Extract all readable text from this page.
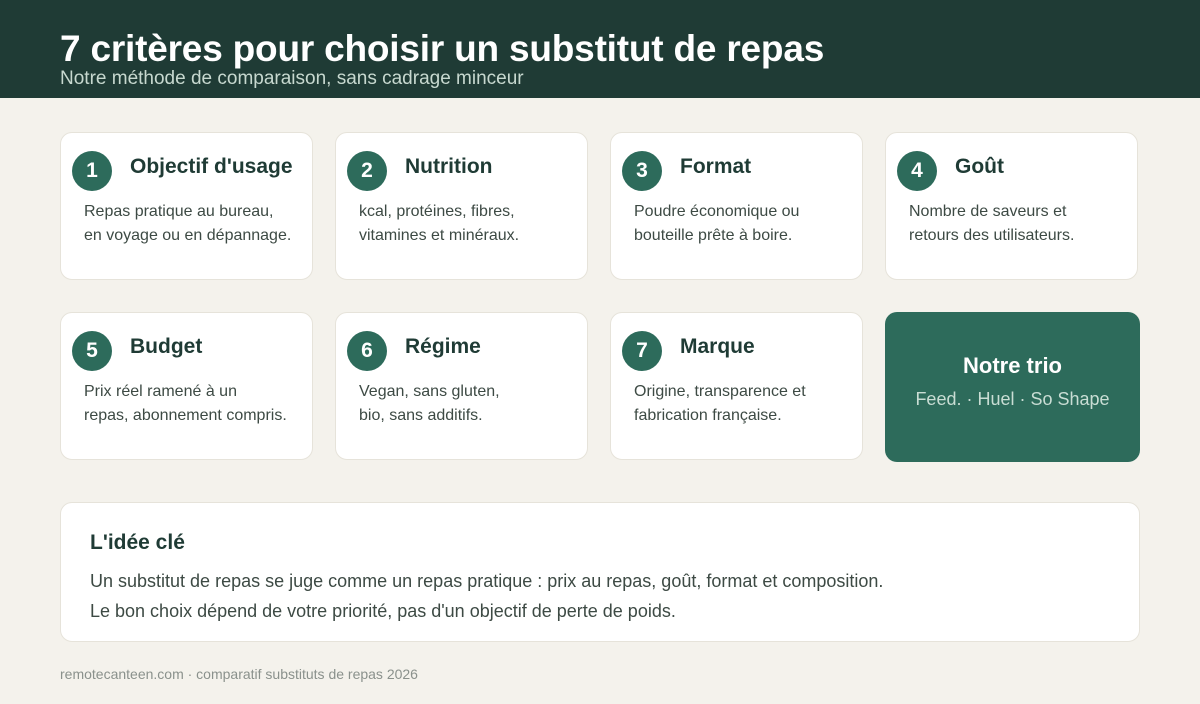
7 critères pour choisir un substitut de repas
Notre méthode de comparaison, sans cadrage minceur
1	Objectif d'usage
Repas pratique au bureau,
en voyage ou en dépannage.
2	Nutrition
kcal, protéines, fibres,
vitamines et minéraux.
3	Format
Poudre économique ou
bouteille prête à boire.
4	Goût
Nombre de saveurs et
retours des utilisateurs.
5	Budget
Prix réel ramené à un
repas, abonnement compris.
6	Régime
Vegan, sans gluten,
bio, sans additifs.
7	Marque
Origine, transparence et
fabrication française.
Notre trio
Feed. · Huel · So Shape
L'idée clé
Un substitut de repas se juge comme un repas pratique : prix au repas, goût, format et composition.
Le bon choix dépend de votre priorité, pas d'un objectif de perte de poids.
remotecanteen.com · comparatif substituts de repas 2026
